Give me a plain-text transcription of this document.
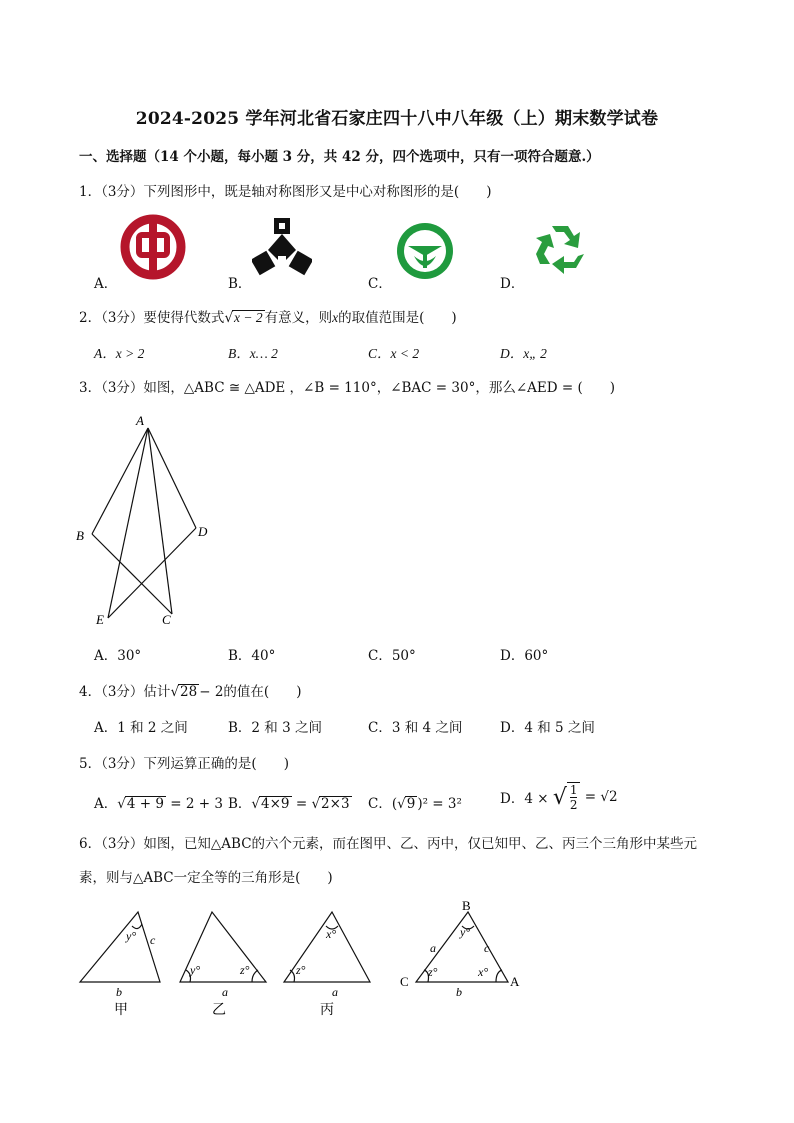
2024-2025 学年河北省石家庄四十八中八年级（上）期末数学试卷
一、选择题（14 个小题，每小题 3 分，共 42 分，四个选项中，只有一项符合题意.）
1．（3分）下列图形中，既是轴对称图形又是中心对称图形的是(　　)
A．	B．	C．	D．
2．（3分）要使得代数式√x − 2 有意义，则x的取值范围是(　　)
A．x > 2	B．x… 2	C．x < 2	D．x„ 2
3．（3分）如图，△ABC ≅ △ADE ，∠B = 110°，∠BAC = 30°，那么∠AED = (　　)
A
B	D
E	C
A．30°	B．40°	C．50°	D．60°
4．（3分）估计√28 − 2的值在(　　)
A．1 和 2 之间	B．2 和 3 之间	C．3 和 4 之间	D．4 和 5 之间
5．（3分）下列运算正确的是(　　)
A．√4 + 9 = 2 + 3 B．√4×9 = √2×3 C．(√9 )² = 3²	D．4 × √ $\frac{1}{2} = √2$
6．（3分）如图，已知△ABC的六个元素，而在图甲、乙、丙中，仅已知甲、乙、丙三个三角形中某些元
素，则与△ABC一定全等的三角形是(　　)
y° c
b
y°	z°
a
x°
z°
a
y°
a	c
z°	x°
b
B
C	A
甲	乙	丙
